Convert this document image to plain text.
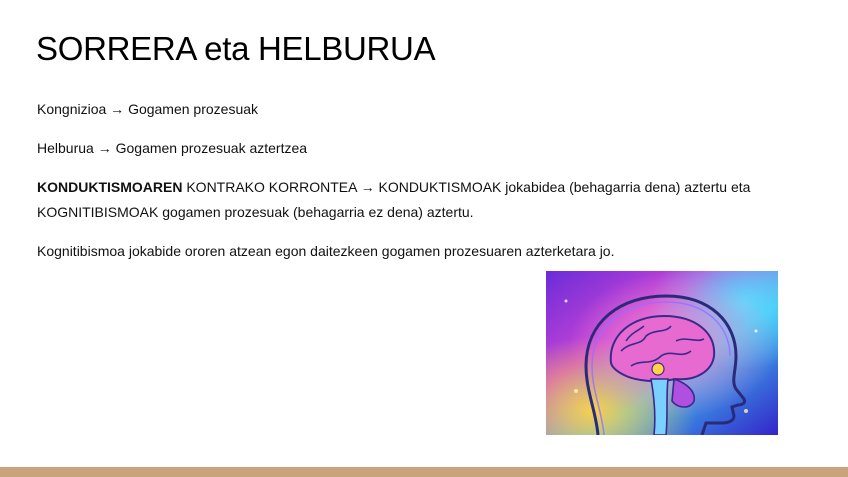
SORRERA eta HELBURUA

Kongnizioa → Gogamen prozesuak

Helburua → Gogamen prozesuak aztertzea

KONDUKTISMOAREN KONTRAKO KORRONTEA → KONDUKTISMOAK jokabidea (behagarria dena) aztertu eta KOGNITIBISMOAK gogamen prozesuak (behagarria ez dena) aztertu.

Kognitibismoa jokabide ororen atzean egon daitezkeen gogamen prozesuaren azterketara jo.
